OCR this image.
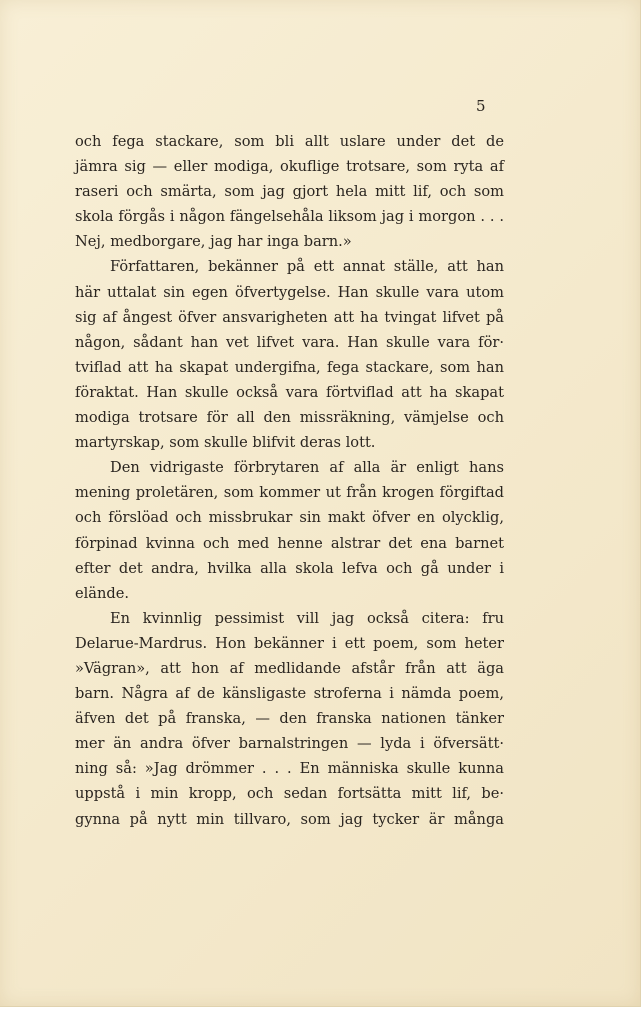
5
och fega stackare, som bli allt uslare under det de
jämra sig — eller modiga, okuflige trotsare, som ryta af
raseri och smärta, som jag gjort hela mitt lif, och som
skola förgås i någon fängelsehåla liksom jag i morgon . . .
Nej, medborgare, jag har inga barn.»
Författaren, bekänner på ett annat ställe, att han
här uttalat sin egen öfvertygelse. Han skulle vara utom
sig af ångest öfver ansvarigheten att ha tvingat lifvet på
någon, sådant han vet lifvet vara. Han skulle vara för·
tviflad att ha skapat undergifna, fega stackare, som han
föraktat. Han skulle också vara förtviflad att ha skapat
modiga trotsare för all den missräkning, vämjelse och
martyrskap, som skulle blifvit deras lott.
Den vidrigaste förbrytaren af alla är enligt hans
mening proletären, som kommer ut från krogen förgiftad
och förslöad och missbrukar sin makt öfver en olycklig,
förpinad kvinna och med henne alstrar det ena barnet
efter det andra, hvilka alla skola lefva och gå under i
elände.
En kvinnlig pessimist vill jag också citera: fru
Delarue-Mardrus. Hon bekänner i ett poem, som heter
»Vägran», att hon af medlidande afstår från att äga
barn. Några af de känsligaste stroferna i nämda poem,
äfven det på franska, — den franska nationen tänker
mer än andra öfver barnalstringen — lyda i öfversätt·
ning så: »Jag drömmer . . . En människa skulle kunna
uppstå i min kropp, och sedan fortsätta mitt lif, be·
gynna på nytt min tillvaro, som jag tycker är många
